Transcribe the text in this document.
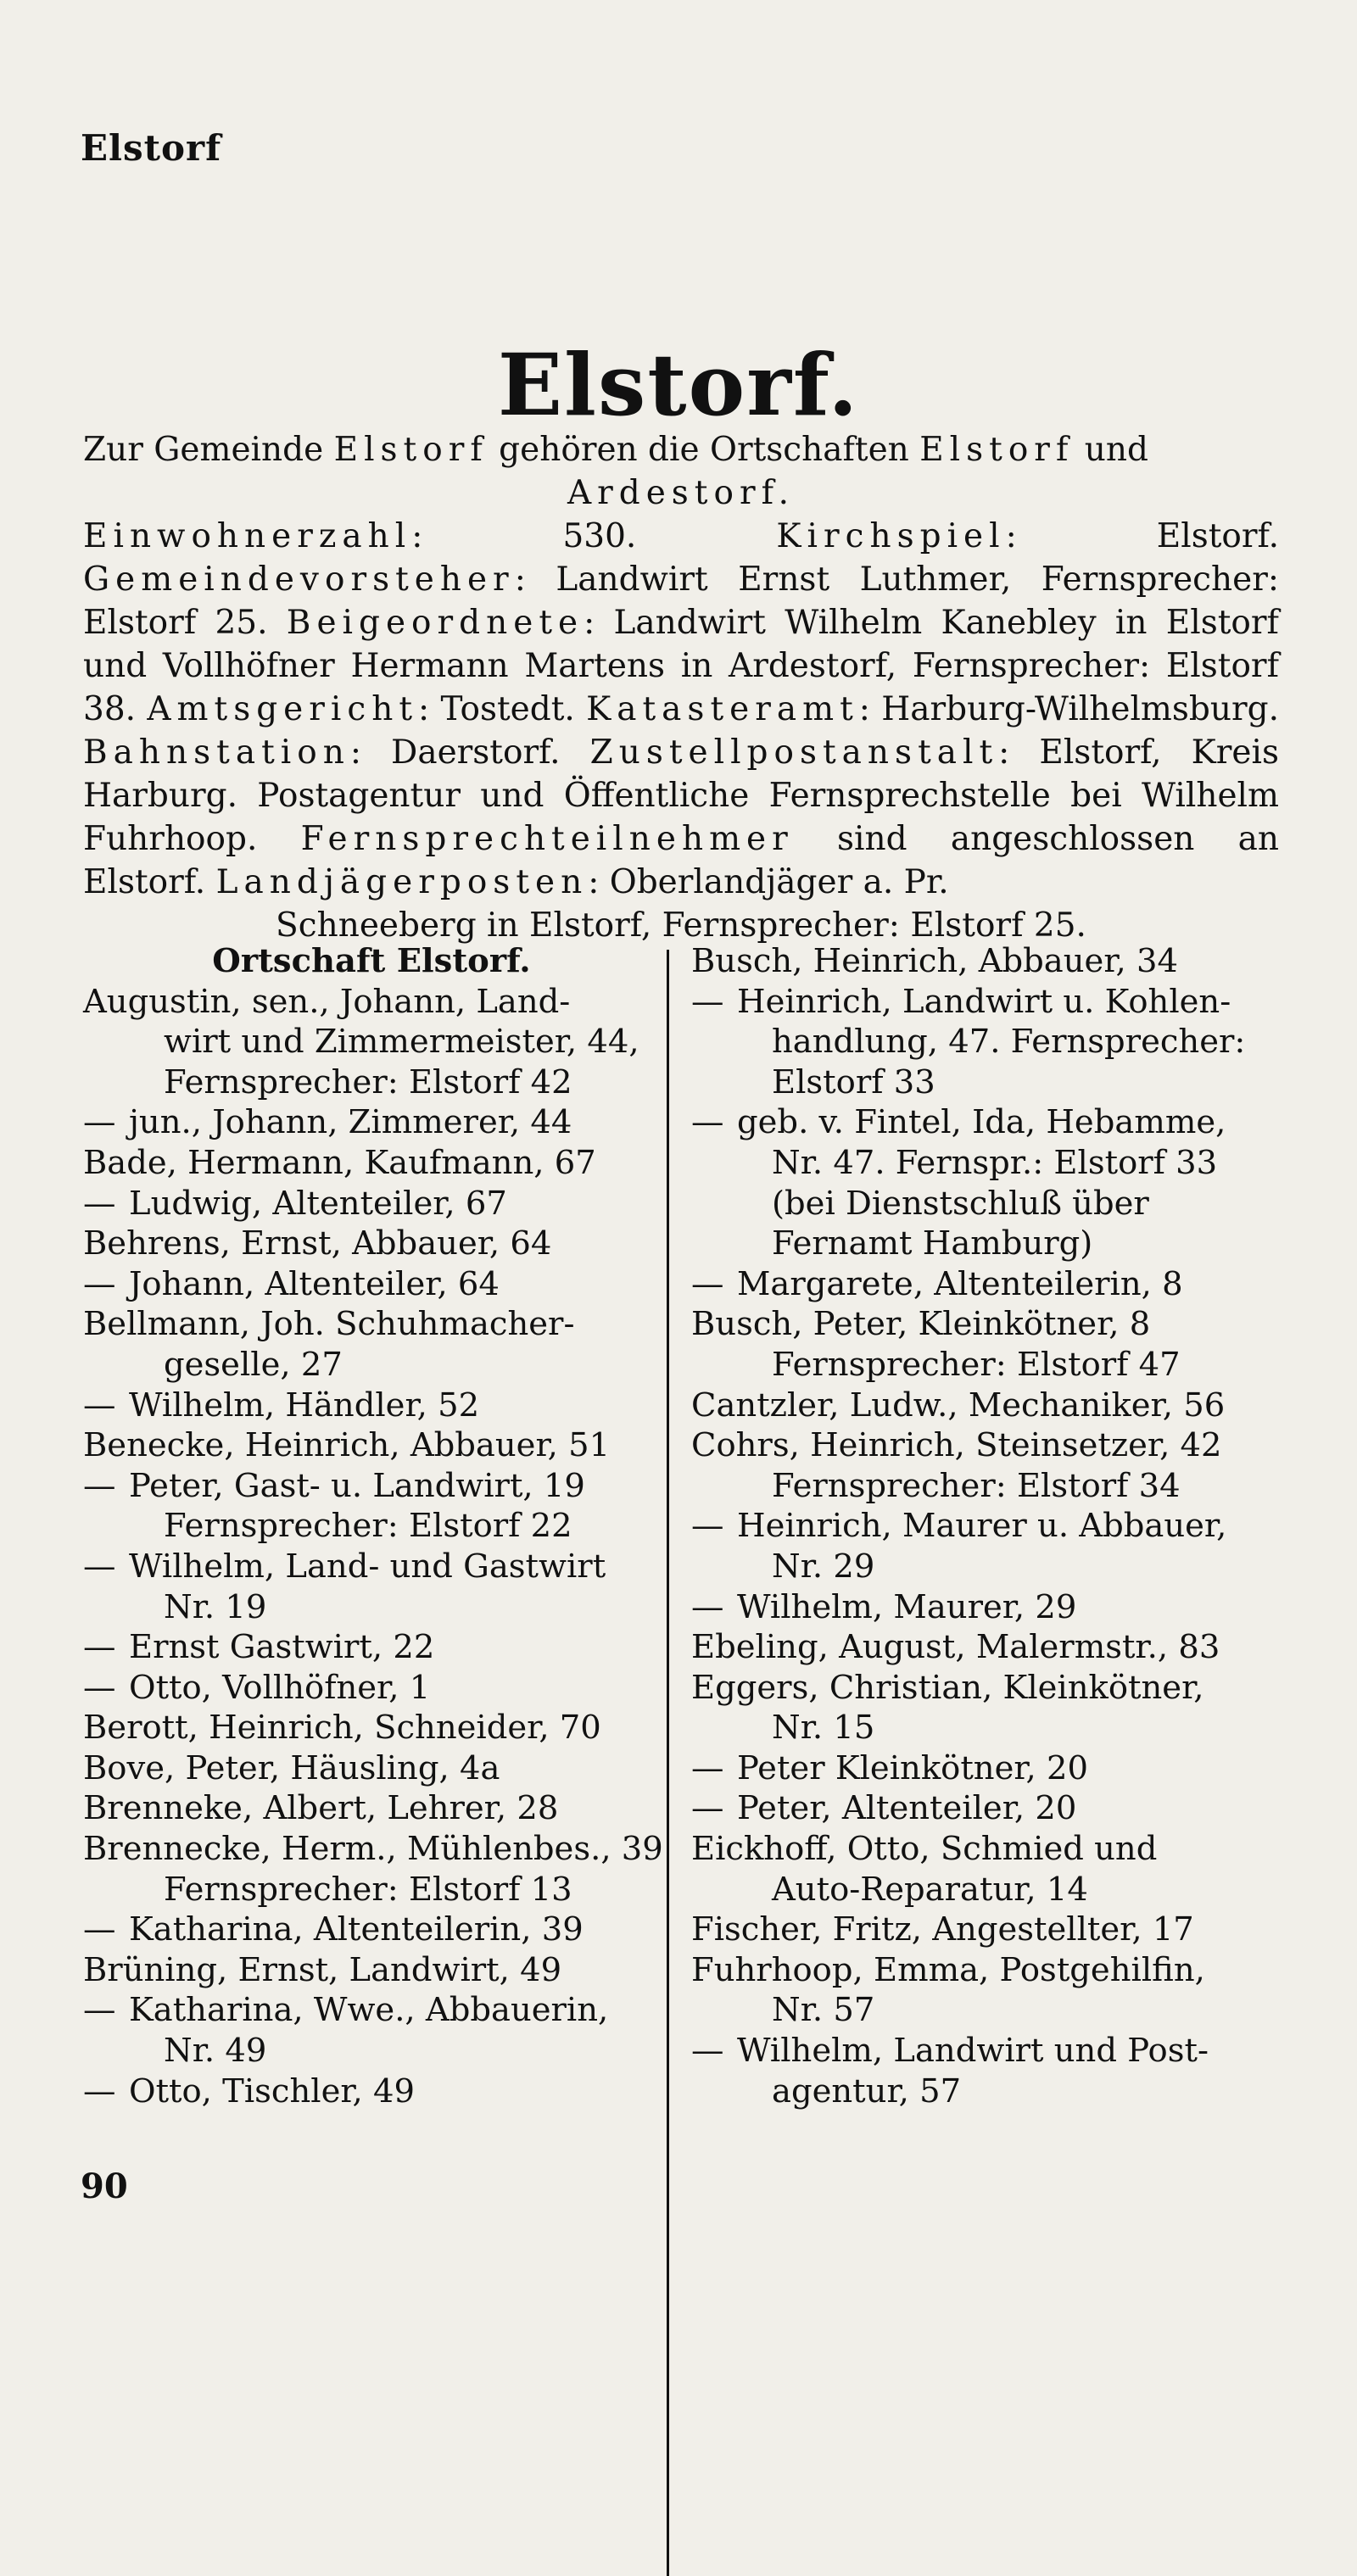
Elstorf
Elstorf.

Zur Gemeinde Elstorf gehören die Ortschaften Elstorf und

Ardestorf.

Einwohnerzahl: 530. Kirchspiel: Elstorf. Gemeindevorsteher: Landwirt Ernst Luthmer, Fernsprecher: Elstorf 25. Beigeordnete: Landwirt Wilhelm Kanebley in Elstorf und Vollhöfner Hermann Martens in Ardestorf, Fernsprecher: Elstorf 38. Amtsgericht: Tostedt. Katasteramt: Harburg-Wilhelmsburg. Bahnstation: Daerstorf. Zustellpostanstalt: Elstorf, Kreis Harburg. Postagentur und Öffentliche Fernsprechstelle bei Wilhelm Fuhrhoop. Fernsprechteilnehmer sind angeschlossen an Elstorf. Landjägerposten: Oberlandjäger a. Pr.

Schneeberg in Elstorf, Fernsprecher: Elstorf 25.

Ortschaft Elstorf.
Augustin, sen., Johann, Land-
wirt und Zimmermeister, 44,
Fernsprecher: Elstorf 42
— jun., Johann, Zimmerer, 44
Bade, Hermann, Kaufmann, 67
— Ludwig, Altenteiler, 67
Behrens, Ernst, Abbauer, 64
— Johann, Altenteiler, 64
Bellmann, Joh. Schuhmacher-
geselle, 27
— Wilhelm, Händler, 52
Benecke, Heinrich, Abbauer, 51
— Peter, Gast- u. Landwirt, 19
Fernsprecher: Elstorf 22
— Wilhelm, Land- und Gastwirt
Nr. 19
— Ernst Gastwirt, 22
— Otto, Vollhöfner, 1
Berott, Heinrich, Schneider, 70
Bove, Peter, Häusling, 4a
Brenneke, Albert, Lehrer, 28
Brennecke, Herm., Mühlenbes., 39
Fernsprecher: Elstorf 13
— Katharina, Altenteilerin, 39
Brüning, Ernst, Landwirt, 49
— Katharina, Wwe., Abbauerin,
Nr. 49
— Otto, Tischler, 49
Busch, Heinrich, Abbauer, 34
— Heinrich, Landwirt u. Kohlen-
handlung, 47. Fernsprecher:
Elstorf 33
— geb. v. Fintel, Ida, Hebamme,
Nr. 47. Fernspr.: Elstorf 33
(bei Dienstschluß über
Fernamt Hamburg)
— Margarete, Altenteilerin, 8
Busch, Peter, Kleinkötner, 8
Fernsprecher: Elstorf 47
Cantzler, Ludw., Mechaniker, 56
Cohrs, Heinrich, Steinsetzer, 42
Fernsprecher: Elstorf 34
— Heinrich, Maurer u. Abbauer,
Nr. 29
— Wilhelm, Maurer, 29
Ebeling, August, Malermstr., 83
Eggers, Christian, Kleinkötner,
Nr. 15
— Peter Kleinkötner, 20
— Peter, Altenteiler, 20
Eickhoff, Otto, Schmied und
Auto-Reparatur, 14
Fischer, Fritz, Angestellter, 17
Fuhrhoop, Emma, Postgehilfin,
Nr. 57
— Wilhelm, Landwirt und Post-
agentur, 57
90
